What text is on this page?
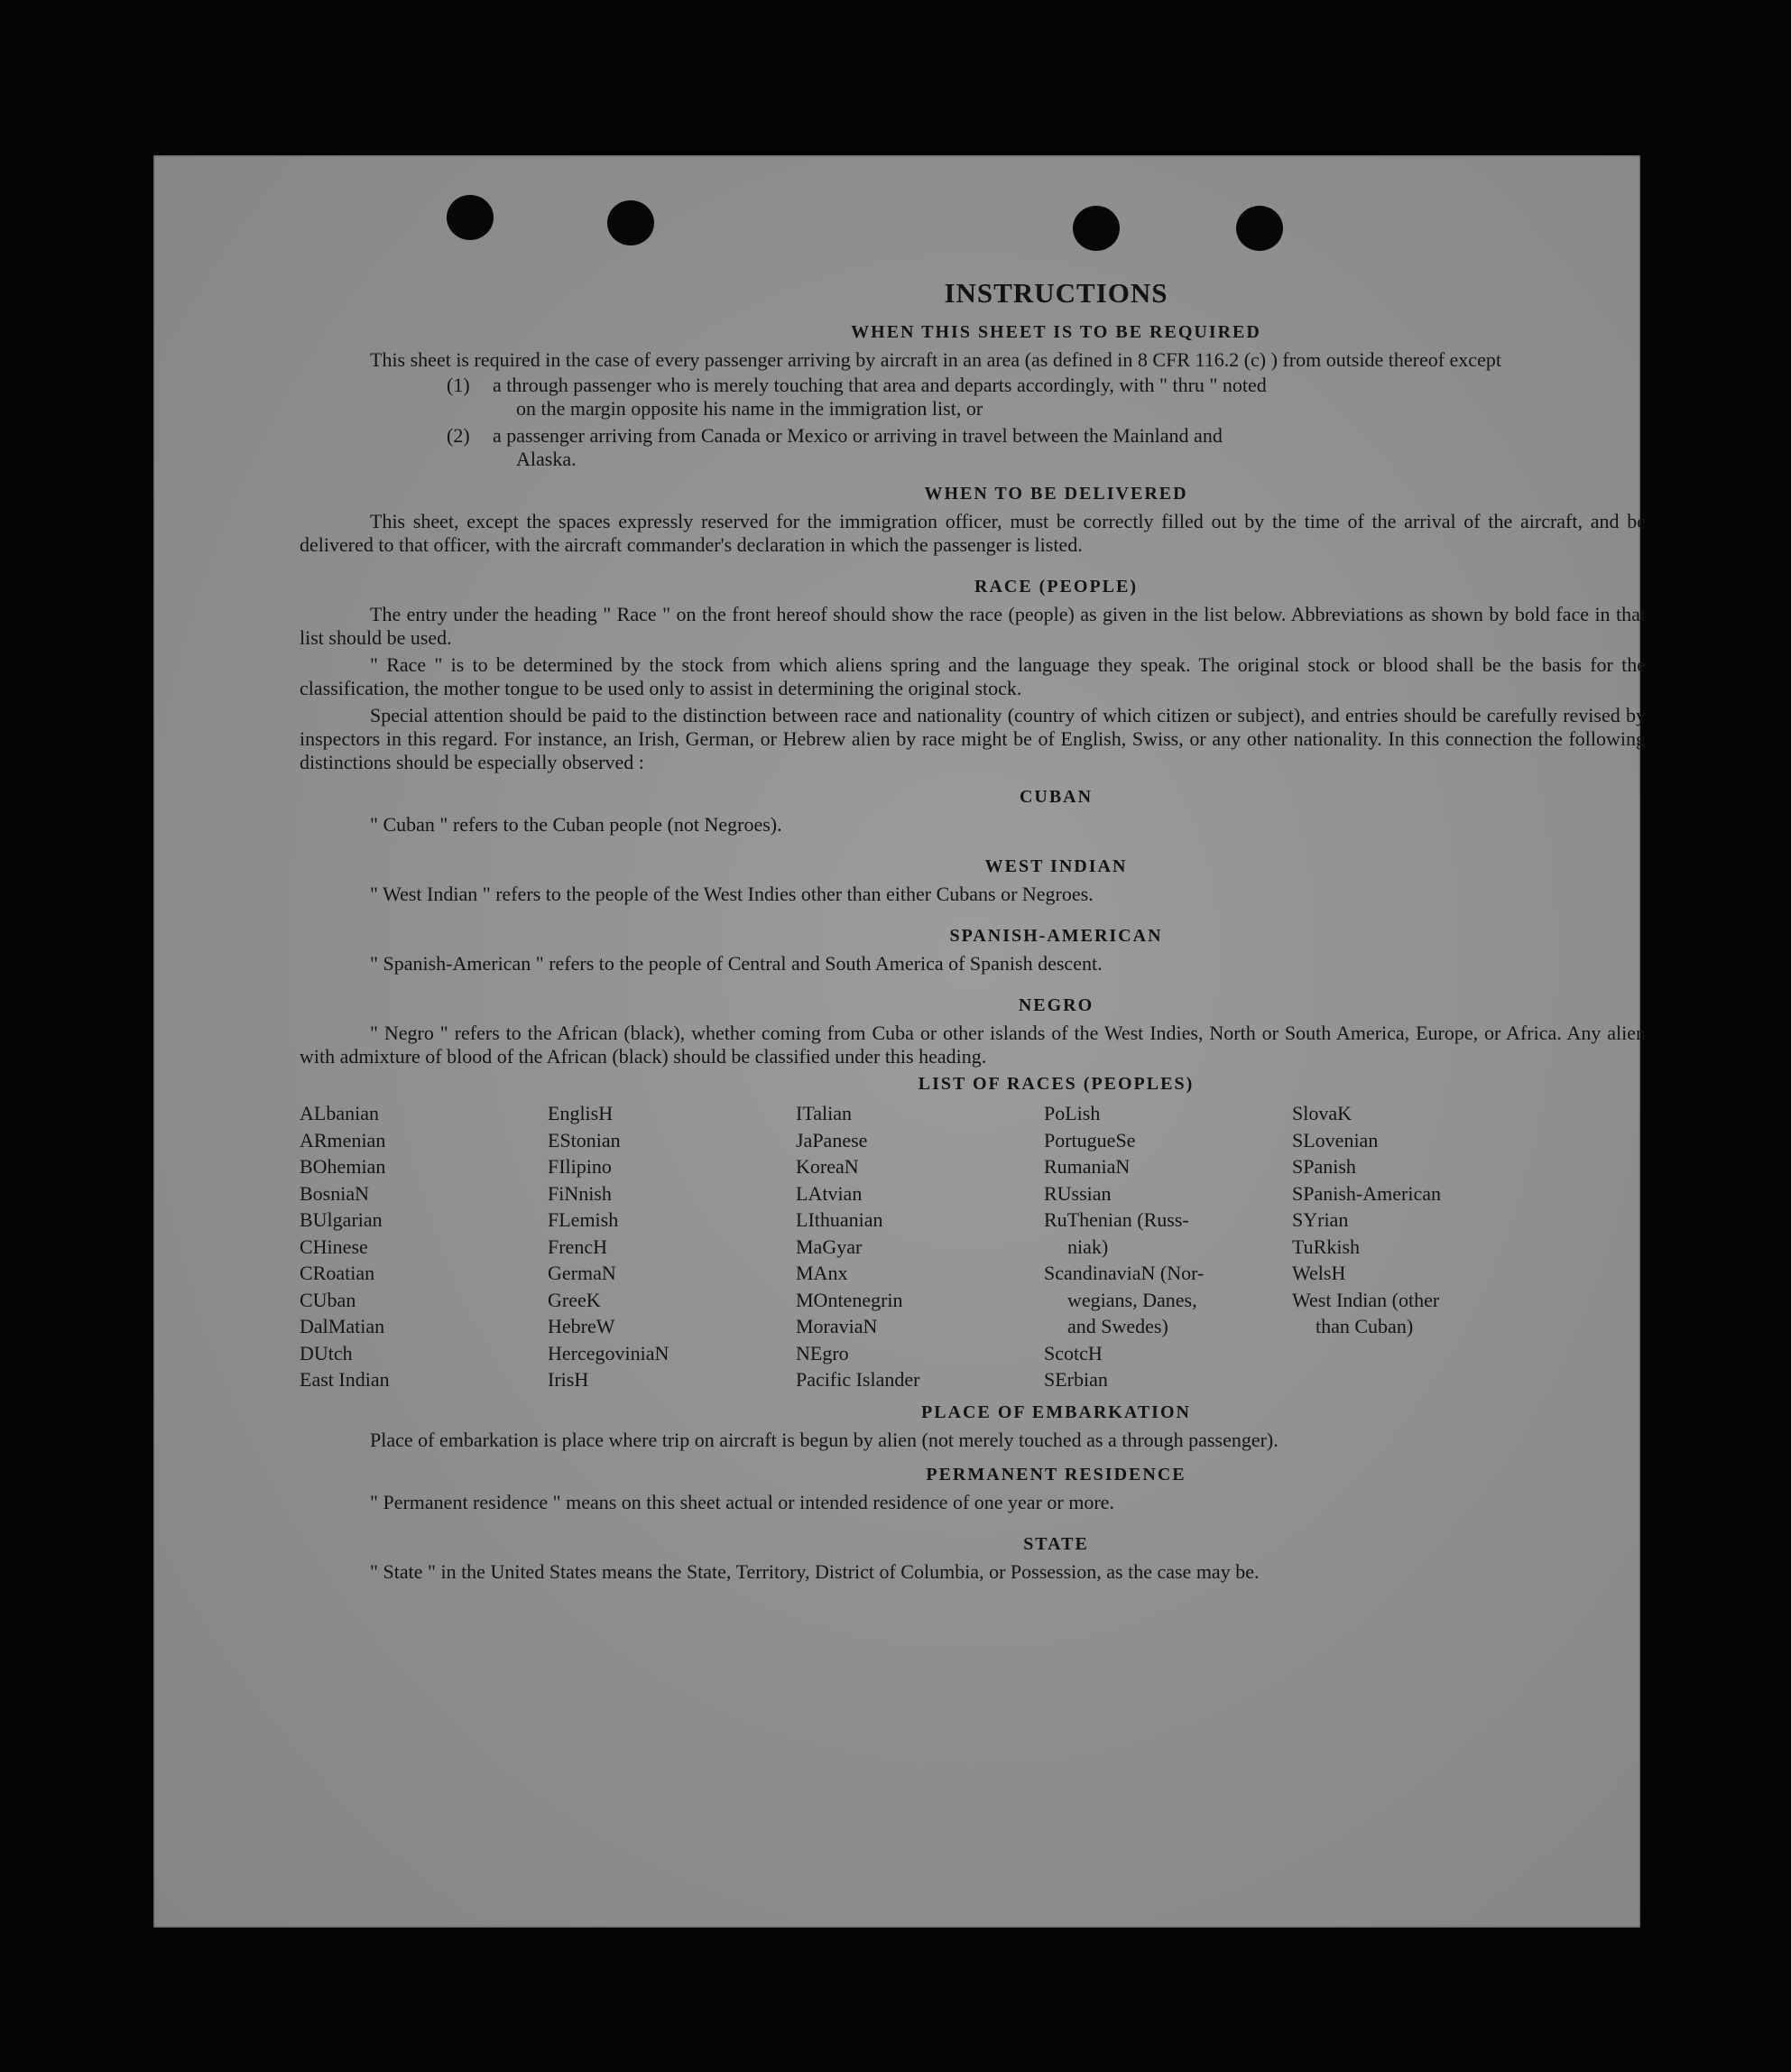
INSTRUCTIONS
WHEN THIS SHEET IS TO BE REQUIRED

This sheet is required in the case of every passenger arriving by aircraft in an area (as defined in 8 CFR 116.2 (c) ) from outside thereof except

(1) a through passenger who is merely touching that area and departs accordingly, with " thru " noted
on the margin opposite his name in the immigration list, or
(2) a passenger arriving from Canada or Mexico or arriving in travel between the Mainland and
Alaska.
WHEN TO BE DELIVERED

This sheet, except the spaces expressly reserved for the immigration officer, must be correctly filled out by the time of the arrival of the aircraft, and be delivered to that officer, with the aircraft commander's declaration in which the passenger is listed.

RACE (PEOPLE)

The entry under the heading " Race " on the front hereof should show the race (people) as given in the list below. Abbreviations as shown by bold face in that list should be used.

" Race " is to be determined by the stock from which aliens spring and the language they speak. The original stock or blood shall be the basis for the classification, the mother tongue to be used only to assist in determining the original stock.

Special attention should be paid to the distinction between race and nationality (country of which citizen or subject), and entries should be carefully revised by inspectors in this regard. For instance, an Irish, German, or Hebrew alien by race might be of English, Swiss, or any other nationality. In this connection the following distinctions should be especially observed :

CUBAN

" Cuban " refers to the Cuban people (not Negroes).

WEST INDIAN

" West Indian " refers to the people of the West Indies other than either Cubans or Negroes.

SPANISH-AMERICAN

" Spanish-American " refers to the people of Central and South America of Spanish descent.

NEGRO

" Negro " refers to the African (black), whether coming from Cuba or other islands of the West Indies, North or South America, Europe, or Africa. Any alien with admixture of blood of the African (black) should be classified under this heading.

LIST OF RACES (PEOPLES)
ALbanian
ARmenian
BOhemian
BosniaN
BUlgarian
CHinese
CRoatian
CUban
DalMatian
DUtch
East Indian
EnglisH
EStonian
FIlipino
FiNnish
FLemish
FrencH
GermaN
GreeK
HebreW
HercegoviniaN
IrisH
ITalian
JaPanese
KoreaN
LAtvian
LIthuanian
MaGyar
MAnx
MOntenegrin
MoraviaN
NEgro
Pacific Islander
PoLish
PortugueSe
RumaniaN
RUssian
RuThenian (Russ-
niak)
ScandinaviaN (Nor-
wegians, Danes,
and Swedes)
ScotcH
SErbian
SlovaK
SLovenian
SPanish
SPanish-American
SYrian
TuRkish
WelsH
West Indian (other
than Cuban)
PLACE OF EMBARKATION

Place of embarkation is place where trip on aircraft is begun by alien (not merely touched as a through passenger).

PERMANENT RESIDENCE

" Permanent residence " means on this sheet actual or intended residence of one year or more.

STATE

" State " in the United States means the State, Territory, District of Columbia, or Possession, as the case may be.
